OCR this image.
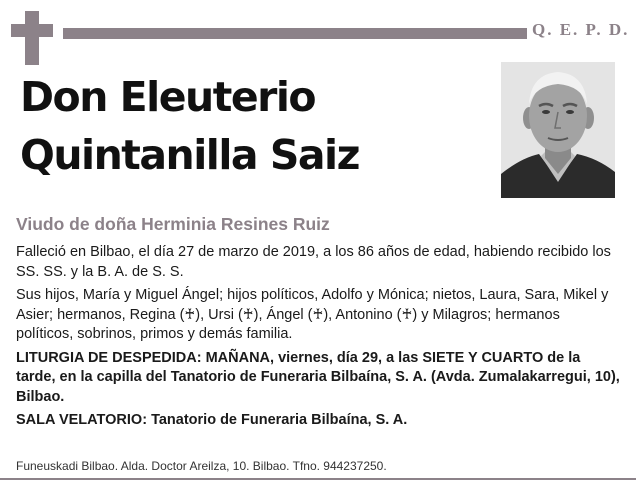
Q. E. P. D.
Don Eleuterio
Quintanilla Saiz
Viudo de doña Herminia Resines Ruiz

Falleció en Bilbao, el día 27 de marzo de 2019, a los 86 años de edad, habiendo recibido los SS. SS. y la B. A. de S. S.

Sus hijos, María y Miguel Ángel; hijos políticos, Adolfo y Mónica; nietos, Laura, Sara, Mikel y Asier; hermanos, Regina (♰), Ursi (♰), Ángel (♰), Antonino (♰) y Milagros; hermanos políticos, sobrinos, primos y demás familia.

LITURGIA DE DESPEDIDA: MAÑANA, viernes, día 29, a las SIETE Y CUARTO de la tarde, en la capilla del Tanatorio de Funeraria Bilbaína, S. A. (Avda. Zumalakarregui, 10), Bilbao.

SALA VELATORIO: Tanatorio de Funeraria Bilbaína, S. A.

Funeuskadi Bilbao. Alda. Doctor Areilza, 10. Bilbao. Tfno. 944237250.
